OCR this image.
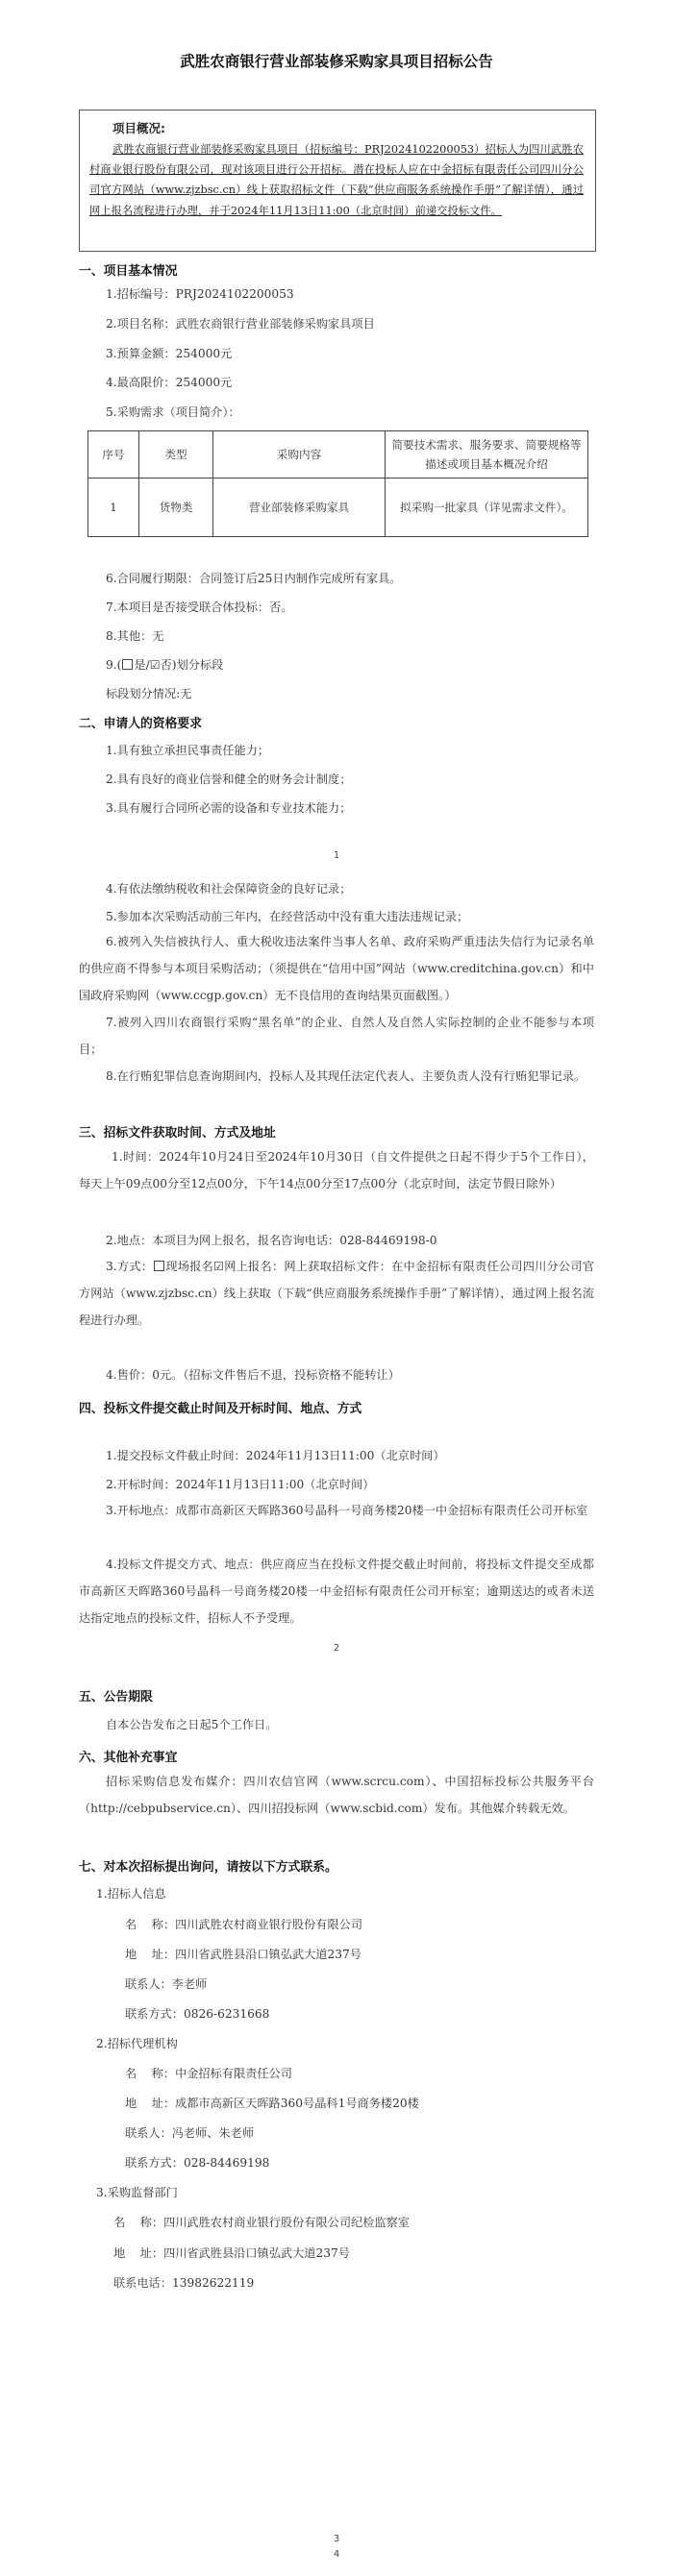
武胜农商银行营业部装修采购家具项目招标公告
项目概况:
武胜农商银行营业部装修采购家具项目（招标编号：PRJ2024102200053）招标人为四川武胜农村商业银行股份有限公司，现对该项目进行公开招标。潜在投标人应在中金招标有限责任公司四川分公司官方网站（www.zjzbsc.cn）线上获取招标文件（下载“供应商服务系统操作手册”了解详情），通过网上报名流程进行办理，并于2024年11月13日11:00（北京时间）前递交投标文件。
一、项目基本情况
1.招标编号：PRJ2024102200053
2.项目名称：武胜农商银行营业部装修采购家具项目
3.预算金额：254000元
4.最高限价：254000元
5.采购需求（项目简介）：
序号	类型	采购内容	简要技术需求、服务要求、简要规格等描述或项目基本概况介绍
1	货物类	营业部装修采购家具	拟采购一批家具（详见需求文件）。
6.合同履行期限：合同签订后25日内制作完成所有家具。
7.本项目是否接受联合体投标：否。
8.其他：无
9.( 是/☑否)划分标段
标段划分情况:无
二、申请人的资格要求
1.具有独立承担民事责任能力；
2.具有良好的商业信誉和健全的财务会计制度；
3.具有履行合同所必需的设备和专业技术能力；
1
4.有依法缴纳税收和社会保障资金的良好记录；
5.参加本次采购活动前三年内，在经营活动中没有重大违法违规记录；
6.被列入失信被执行人、重大税收违法案件当事人名单、政府采购严重违法失信行为记录名单的供应商不得参与本项目采购活动；（须提供在“信用中国”网站（www.creditchina.gov.cn）和中国政府采购网（www.ccgp.gov.cn）无不良信用的查询结果页面截图。）
7.被列入四川农商银行采购“黑名单”的企业、自然人及自然人实际控制的企业不能参与本项目；
8.在行贿犯罪信息查询期间内，投标人及其现任法定代表人、主要负责人没有行贿犯罪记录。
三、招标文件获取时间、方式及地址
1.时间：2024年10月24日至2024年10月30日（自文件提供之日起不得少于5个工作日），每天上午09点00分至12点00分，下午14点00分至17点00分（北京时间，法定节假日除外）
2.地点：本项目为网上报名，报名咨询电话：028-84469198-0
3.方式： 现场报名☑网上报名：网上获取招标文件：在中金招标有限责任公司四川分公司官方网站（www.zjzbsc.cn）线上获取（下载“供应商服务系统操作手册”了解详情），通过网上报名流程进行办理。
4.售价：0元。（招标文件售后不退，投标资格不能转让）
四、投标文件提交截止时间及开标时间、地点、方式
1.提交投标文件截止时间：2024年11月13日11:00（北京时间）
2.开标时间：2024年11月13日11:00（北京时间）
3.开标地点：成都市高新区天晖路360号晶科一号商务楼20楼一中金招标有限责任公司开标室
4.投标文件提交方式、地点：供应商应当在投标文件提交截止时间前，将投标文件提交至成都市高新区天晖路360号晶科一号商务楼20楼一中金招标有限责任公司开标室；逾期送达的或者未送达指定地点的投标文件，招标人不予受理。
2
五、公告期限
自本公告发布之日起5个工作日。
六、其他补充事宜
招标采购信息发布媒介：四川农信官网（www.scrcu.com）、中国招标投标公共服务平台（http://cebpubservice.cn）、四川招投标网（www.scbid.com）发布。其他媒介转载无效。
七、对本次招标提出询问，请按以下方式联系。
1.招标人信息
名    称：四川武胜农村商业银行股份有限公司
地    址：四川省武胜县沿口镇弘武大道237号
联系人：李老师
联系方式：0826-6231668
2.招标代理机构
名    称：中金招标有限责任公司
地    址：成都市高新区天晖路360号晶科1号商务楼20楼
联系人：冯老师、朱老师
联系方式：028-84469198
3.采购监督部门
名    称：四川武胜农村商业银行股份有限公司纪检监察室
地    址：四川省武胜县沿口镇弘武大道237号
联系电话：13982622119
3
4
